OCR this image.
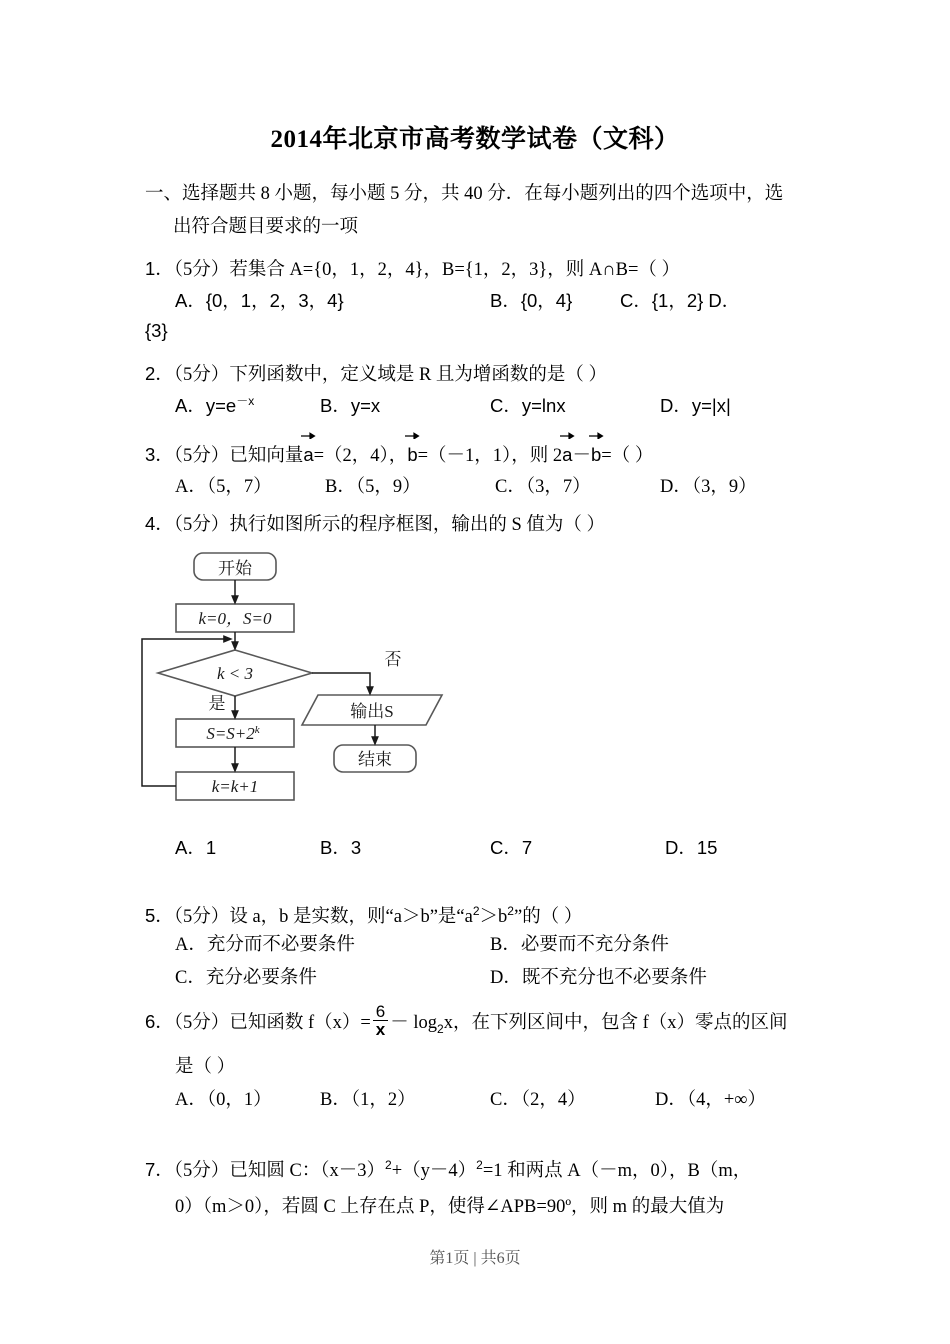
2014年北京市高考数学试卷（文科）
一、选择题共 8 小题，每小题 5 分，共 40 分．在每小题列出的四个选项中，选
出符合题目要求的一项
1．（5分）若集合 A={0，1，2，4}，B={1，2，3}，则 A∩B=（ ）
A．{0，1，2，3，4}	B．{0，4}	C．{1，2} D．
{3}
2．（5分）下列函数中，定义域是 R 且为增函数的是（ ）
A．$y=e^{-x}$	B．y=x	C．y=lnx	D．y=|x|
3．（5分）已知向量
a=（2，4），
b=（－1，1），则 2
a－
b=（ ）
A．（5，7）	B．（5，9）	C．（3，7）	D．（3，9）
4．（5分）执行如图所示的程序框图，输出的 S 值为（ ）
开始
结束
输出S
是
否
k=0，S=0
k < 3
k=k+1
$S=S+2^k$
A．1	B．3	C．7	D．15
5．（5分）设 a，b 是实数，则“a＞b”是“$a^2>b^2$”的（ ）
A．充分而不必要条件	B．必要而不充分条件
C．充分必要条件	D．既不充分也不必要条件
6．（5分）已知函数 $f(x)= \frac{6}{x} - \log_2x$，在下列区间中，包含 f（x）零点的区间
是（ ）
A．（0，1）	B．（1，2）	C．（2，4）	D．（4，+∞）
7．（5分）已知圆 C：$(x-3)^2+(y-4)^2=1$ 和两点 A（－m，0），B（m，
0）（m＞0），若圆 C 上存在点 P，使得∠APB=90º，则 m 的最大值为
第1页 | 共6页
